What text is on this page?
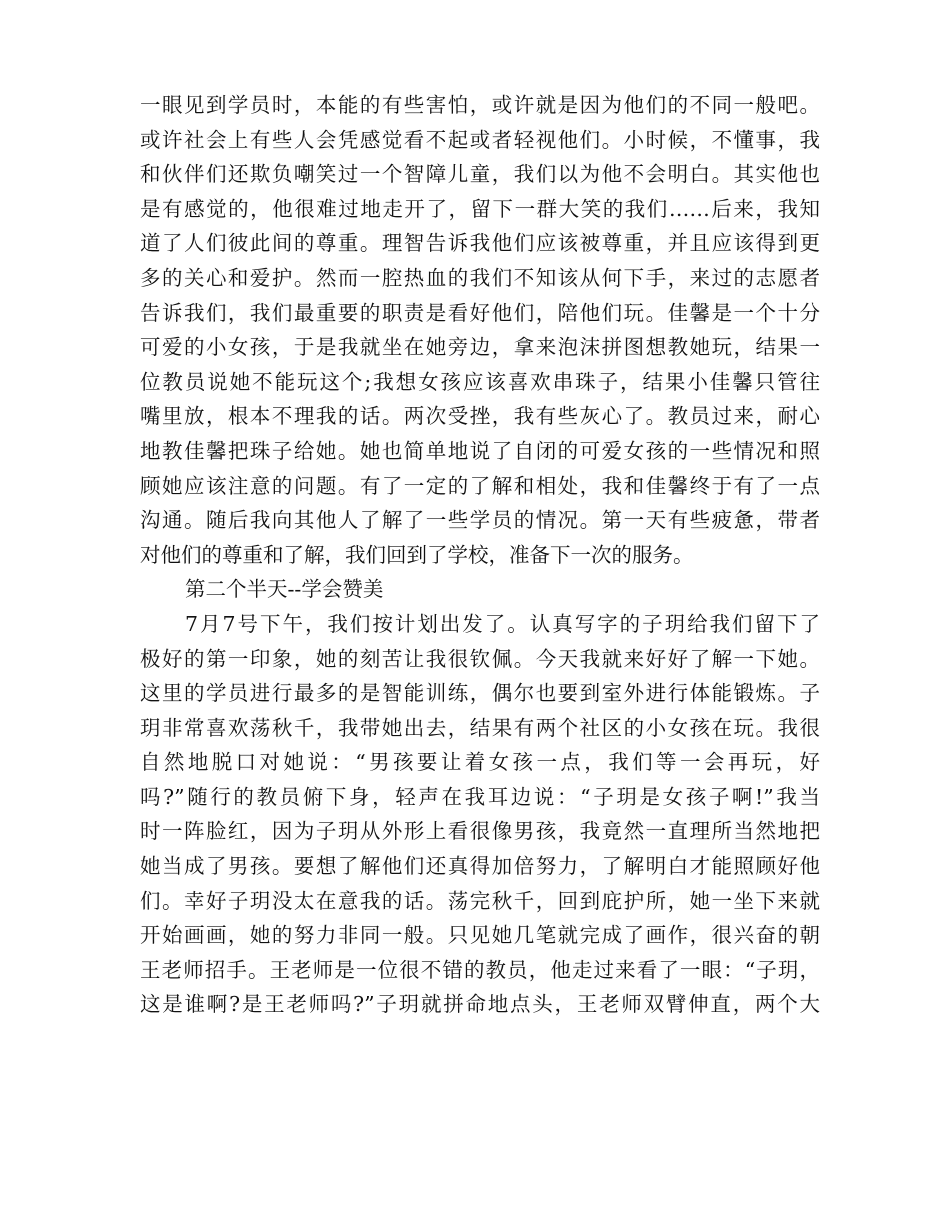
一眼见到学员时，本能的有些害怕，或许就是因为他们的不同一般吧。
或许社会上有些人会凭感觉看不起或者轻视他们。小时候，不懂事，我
和伙伴们还欺负嘲笑过一个智障儿童，我们以为他不会明白。其实他也
是有感觉的，他很难过地走开了，留下一群大笑的我们……后来，我知
道了人们彼此间的尊重。理智告诉我他们应该被尊重，并且应该得到更
多的关心和爱护。然而一腔热血的我们不知该从何下手，来过的志愿者
告诉我们，我们最重要的职责是看好他们，陪他们玩。佳馨是一个十分
可爱的小女孩，于是我就坐在她旁边，拿来泡沫拼图想教她玩，结果一
位教员说她不能玩这个;我想女孩应该喜欢串珠子，结果小佳馨只管往
嘴里放，根本不理我的话。两次受挫，我有些灰心了。教员过来，耐心
地教佳馨把珠子给她。她也简单地说了自闭的可爱女孩的一些情况和照
顾她应该注意的问题。有了一定的了解和相处，我和佳馨终于有了一点
沟通。随后我向其他人了解了一些学员的情况。第一天有些疲惫，带者
对他们的尊重和了解，我们回到了学校，准备下一次的服务。
第二个半天--学会赞美
7月7号下午，我们按计划出发了。认真写字的子玥给我们留下了
极好的第一印象，她的刻苦让我很钦佩。今天我就来好好了解一下她。
这里的学员进行最多的是智能训练，偶尔也要到室外进行体能锻炼。子
玥非常喜欢荡秋千，我带她出去，结果有两个社区的小女孩在玩。我很
自然地脱口对她说：“男孩要让着女孩一点，我们等一会再玩，好
吗?”随行的教员俯下身，轻声在我耳边说：“子玥是女孩子啊!”我当
时一阵脸红，因为子玥从外形上看很像男孩，我竟然一直理所当然地把
她当成了男孩。要想了解他们还真得加倍努力，了解明白才能照顾好他
们。幸好子玥没太在意我的话。荡完秋千，回到庇护所，她一坐下来就
开始画画，她的努力非同一般。只见她几笔就完成了画作，很兴奋的朝
王老师招手。王老师是一位很不错的教员，他走过来看了一眼：“子玥，
这是谁啊?是王老师吗?”子玥就拼命地点头，王老师双臂伸直，两个大
